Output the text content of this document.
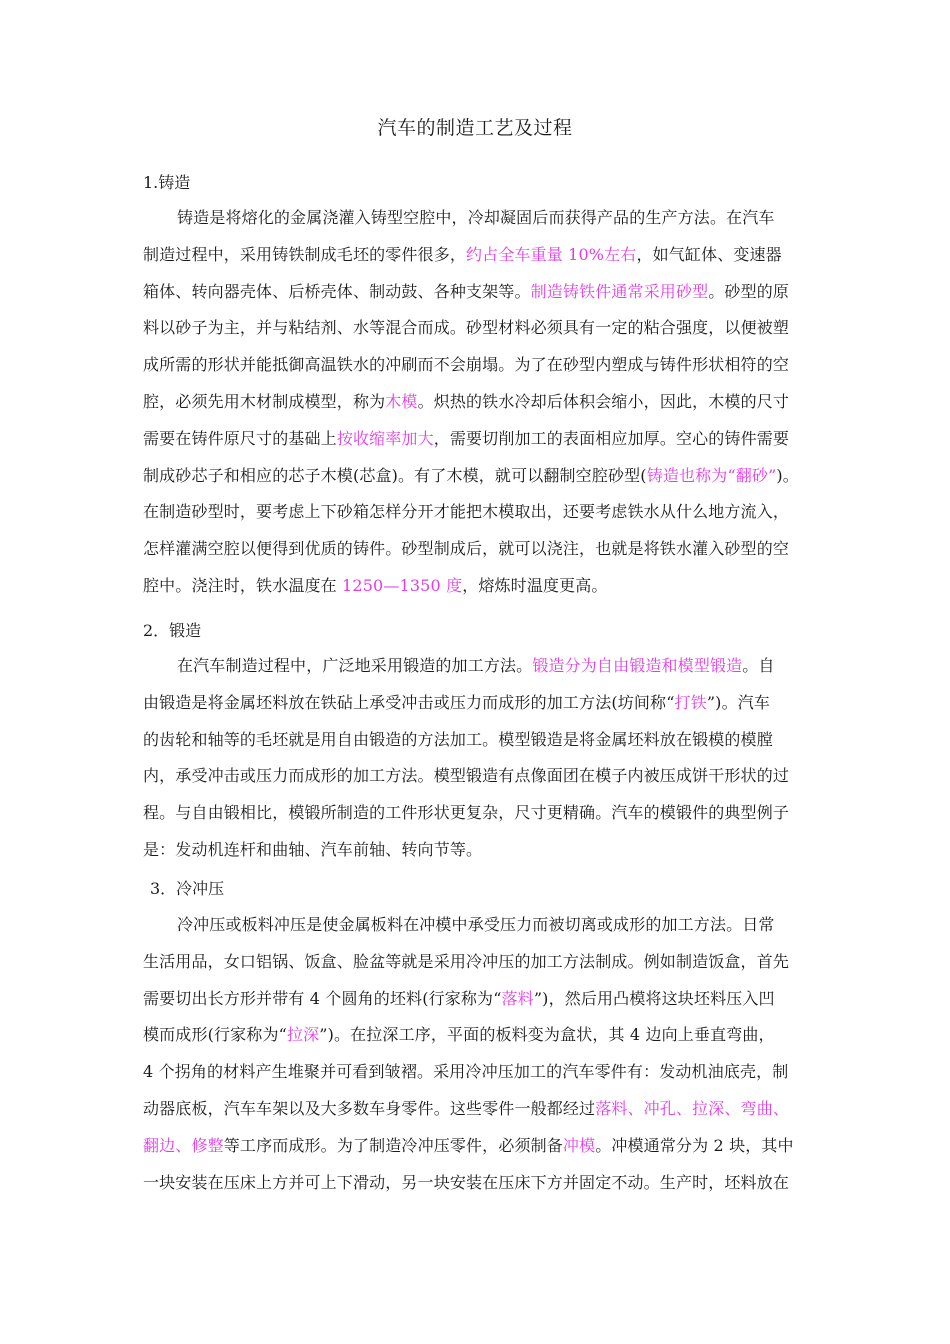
汽车的制造工艺及过程
1.铸造
铸造是将熔化的金属浇灌入铸型空腔中，冷却凝固后而获得产品的生产方法。在汽车
制造过程中，采用铸铁制成毛坯的零件很多，约占全车重量 10%左右，如气缸体、变速器
箱体、转向器壳体、后桥壳体、制动鼓、各种支架等。制造铸铁件通常采用砂型。砂型的原
料以砂子为主，并与粘结剂、水等混合而成。砂型材料必须具有一定的粘合强度，以便被塑
成所需的形状并能抵御高温铁水的冲刷而不会崩塌。为了在砂型内塑成与铸件形状相符的空
腔，必须先用木材制成模型，称为木模。炽热的铁水冷却后体积会缩小，因此，木模的尺寸
需要在铸件原尺寸的基础上按收缩率加大，需要切削加工的表面相应加厚。空心的铸件需要
制成砂芯子和相应的芯子木模(芯盒)。有了木模，就可以翻制空腔砂型(铸造也称为“翻砂”)。
在制造砂型时，要考虑上下砂箱怎样分开才能把木模取出，还要考虑铁水从什么地方流入，
怎样灌满空腔以便得到优质的铸件。砂型制成后，就可以浇注，也就是将铁水灌入砂型的空
腔中。浇注时，铁水温度在 1250—1350 度，熔炼时温度更高。
2．锻造
在汽车制造过程中，广泛地采用锻造的加工方法。锻造分为自由锻造和模型锻造。自
由锻造是将金属坯料放在铁砧上承受冲击或压力而成形的加工方法(坊间称“打铁”)。汽车
的齿轮和轴等的毛坯就是用自由锻造的方法加工。模型锻造是将金属坯料放在锻模的模膛
内，承受冲击或压力而成形的加工方法。模型锻造有点像面团在模子内被压成饼干形状的过
程。与自由锻相比，模锻所制造的工件形状更复杂，尺寸更精确。汽车的模锻件的典型例子
是：发动机连杆和曲轴、汽车前轴、转向节等。
3．冷冲压
冷冲压或板料冲压是使金属板料在冲模中承受压力而被切离或成形的加工方法。日常
生活用品，女口铝锅、饭盒、脸盆等就是采用冷冲压的加工方法制成。例如制造饭盒，首先
需要切出长方形并带有 4 个圆角的坯料(行家称为“落料”)，然后用凸模将这块坯料压入凹
模而成形(行家称为“拉深”)。在拉深工序，平面的板料变为盒状，其 4 边向上垂直弯曲，
4 个拐角的材料产生堆聚并可看到皱褶。采用冷冲压加工的汽车零件有：发动机油底壳，制
动器底板，汽车车架以及大多数车身零件。这些零件一般都经过落料、冲孔、拉深、弯曲、
翻边、修整等工序而成形。为了制造冷冲压零件，必须制备冲模。冲模通常分为 2 块，其中
一块安装在压床上方并可上下滑动，另一块安装在压床下方并固定不动。生产时，坯料放在
